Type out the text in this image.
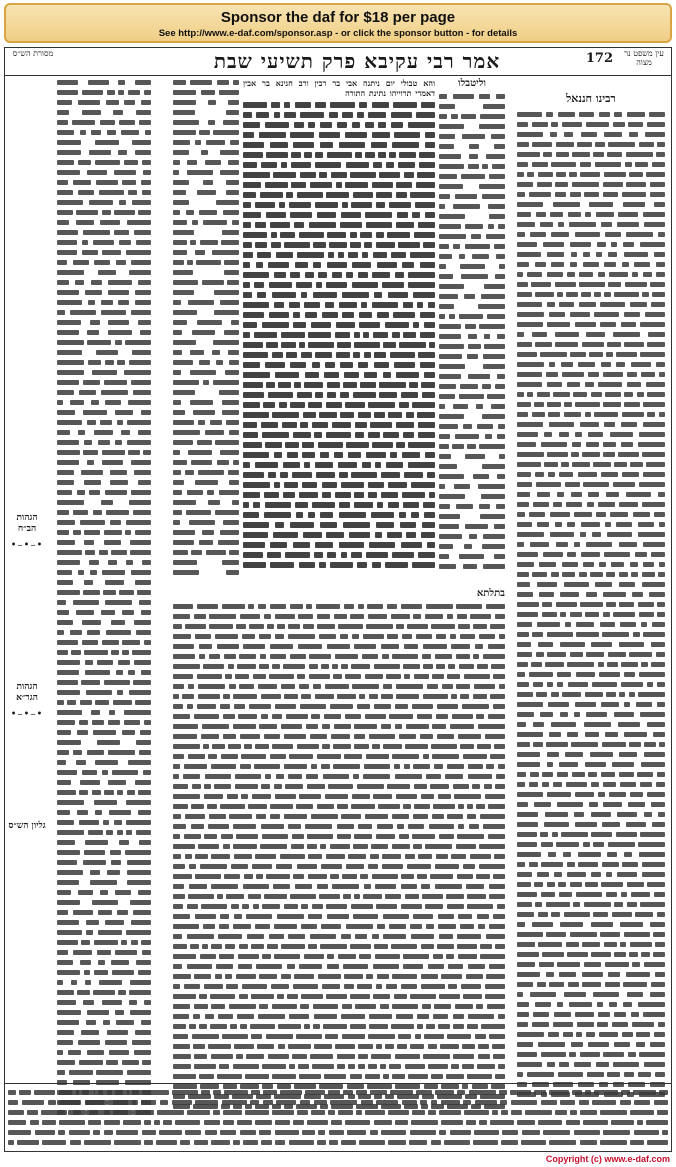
Sponsor the daf for $18 per page
See http://www.e-daf.com/sponsor.asp - or click the sponsor button - for details
עין משפט נר מצוה
172
אמר רבי עקיבא פרק תשיעי שבת
מסורת הש״ס
רבינו חננאל
וליטבלו

והא טבולי יום ניתנה אבי בר רבין ורב חנינא בר אבין דאמרי תרוייהו נתינת התורה

בתלתא
הגהות הב״ח
•–•–•
הגהות הגר״א
•–•–•
גליון הש״ס
Copyright (c) www.e-daf.com
